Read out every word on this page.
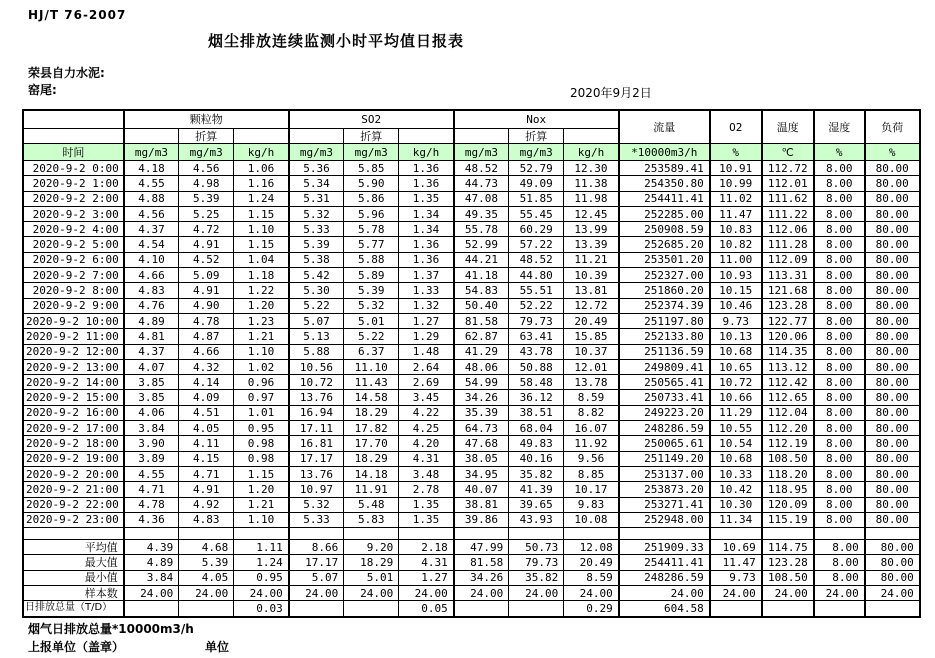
HJ/T 76-2007
烟尘排放连续监测小时平均值日报表
荣县自力水泥:
窑尾:	2020年9月2日
	颗粒物			SO2			Nox			流量	O2	温度	湿度	负荷
		折算			折算			折算						
时间	mg/m3	mg/m3	kg/h	mg/m3	mg/m3	kg/h	mg/m3	mg/m3	kg/h	*10000m3/h	%	℃	%	%
2020-9-2 0:00	4.18	4.56	1.06	5.36	5.85	1.36	48.52	52.79	12.30	253589.41	10.91	112.72	8.00	80.00
2020-9-2 1:00	4.55	4.98	1.16	5.34	5.90	1.36	44.73	49.09	11.38	254350.80	10.99	112.01	8.00	80.00
2020-9-2 2:00	4.88	5.39	1.24	5.31	5.86	1.35	47.08	51.85	11.98	254411.41	11.02	111.62	8.00	80.00
2020-9-2 3:00	4.56	5.25	1.15	5.32	5.96	1.34	49.35	55.45	12.45	252285.00	11.47	111.22	8.00	80.00
2020-9-2 4:00	4.37	4.72	1.10	5.33	5.78	1.34	55.78	60.29	13.99	250908.59	10.83	112.06	8.00	80.00
2020-9-2 5:00	4.54	4.91	1.15	5.39	5.77	1.36	52.99	57.22	13.39	252685.20	10.82	111.28	8.00	80.00
2020-9-2 6:00	4.10	4.52	1.04	5.38	5.88	1.36	44.21	48.52	11.21	253501.20	11.00	112.09	8.00	80.00
2020-9-2 7:00	4.66	5.09	1.18	5.42	5.89	1.37	41.18	44.80	10.39	252327.00	10.93	113.31	8.00	80.00
2020-9-2 8:00	4.83	4.91	1.22	5.30	5.39	1.33	54.83	55.51	13.81	251860.20	10.15	121.68	8.00	80.00
2020-9-2 9:00	4.76	4.90	1.20	5.22	5.32	1.32	50.40	52.22	12.72	252374.39	10.46	123.28	8.00	80.00
2020-9-2 10:00	4.89	4.78	1.23	5.07	5.01	1.27	81.58	79.73	20.49	251197.80	9.73	122.77	8.00	80.00
2020-9-2 11:00	4.81	4.87	1.21	5.13	5.22	1.29	62.87	63.41	15.85	252133.80	10.13	120.06	8.00	80.00
2020-9-2 12:00	4.37	4.66	1.10	5.88	6.37	1.48	41.29	43.78	10.37	251136.59	10.68	114.35	8.00	80.00
2020-9-2 13:00	4.07	4.32	1.02	10.56	11.10	2.64	48.06	50.88	12.01	249809.41	10.65	113.12	8.00	80.00
2020-9-2 14:00	3.85	4.14	0.96	10.72	11.43	2.69	54.99	58.48	13.78	250565.41	10.72	112.42	8.00	80.00
2020-9-2 15:00	3.85	4.09	0.97	13.76	14.58	3.45	34.26	36.12	8.59	250733.41	10.66	112.65	8.00	80.00
2020-9-2 16:00	4.06	4.51	1.01	16.94	18.29	4.22	35.39	38.51	8.82	249223.20	11.29	112.04	8.00	80.00
2020-9-2 17:00	3.84	4.05	0.95	17.11	17.82	4.25	64.73	68.04	16.07	248286.59	10.55	112.20	8.00	80.00
2020-9-2 18:00	3.90	4.11	0.98	16.81	17.70	4.20	47.68	49.83	11.92	250065.61	10.54	112.19	8.00	80.00
2020-9-2 19:00	3.89	4.15	0.98	17.17	18.29	4.31	38.05	40.16	9.56	251149.20	10.68	108.50	8.00	80.00
2020-9-2 20:00	4.55	4.71	1.15	13.76	14.18	3.48	34.95	35.82	8.85	253137.00	10.33	118.20	8.00	80.00
2020-9-2 21:00	4.71	4.91	1.20	10.97	11.91	2.78	40.07	41.39	10.17	253873.20	10.42	118.95	8.00	80.00
2020-9-2 22:00	4.78	4.92	1.21	5.32	5.48	1.35	38.81	39.65	9.83	253271.41	10.30	120.09	8.00	80.00
2020-9-2 23:00	4.36	4.83	1.10	5.33	5.83	1.35	39.86	43.93	10.08	252948.00	11.34	115.19	8.00	80.00

平均值	4.39	4.68	1.11	8.66	9.20	2.18	47.99	50.73	12.08	251909.33	10.69	114.75	8.00	80.00
最大值	4.89	5.39	1.24	17.17	18.29	4.31	81.58	79.73	20.49	254411.41	11.47	123.28	8.00	80.00
最小值	3.84	4.05	0.95	5.07	5.01	1.27	34.26	35.82	8.59	248286.59	9.73	108.50	8.00	80.00
样本数	24.00	24.00	24.00	24.00	24.00	24.00	24.00	24.00	24.00	24.00	24.00	24.00	24.00	24.00
日排放总量（T/D）			0.03			0.05			0.29	604.58				
烟气日排放总量*10000m3/h
上报单位（盖章）	单位
